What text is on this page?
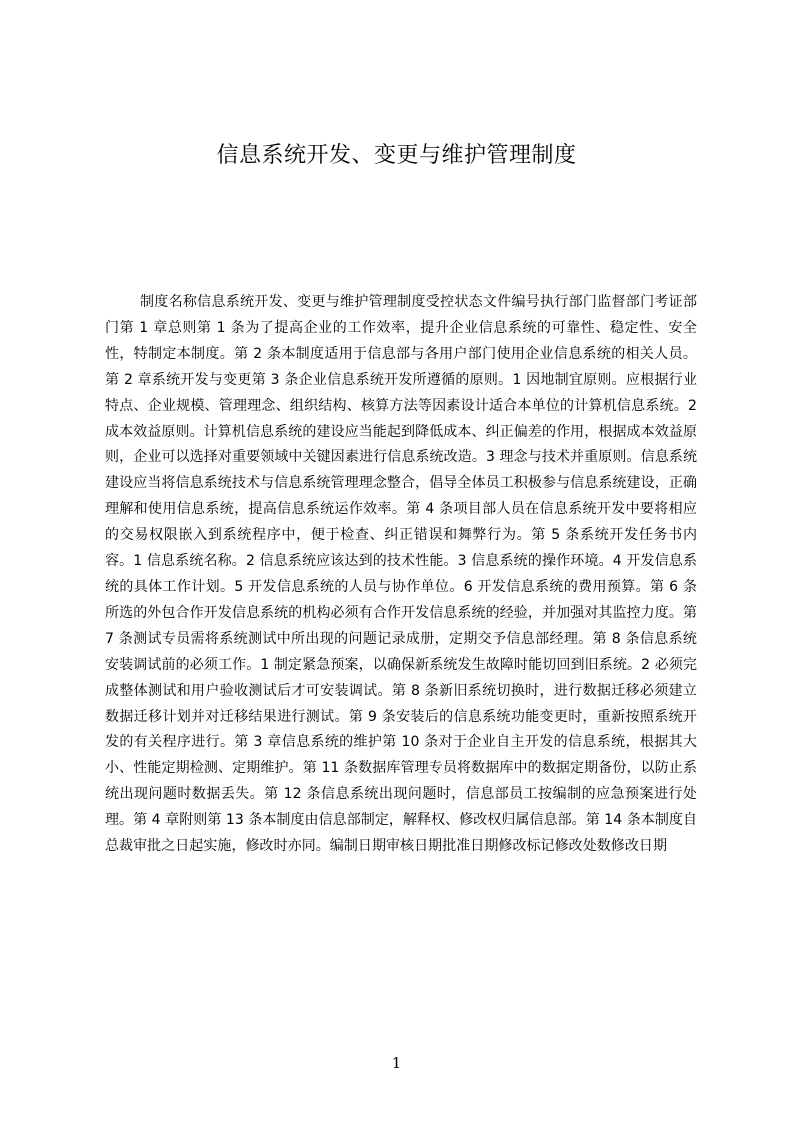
信息系统开发、变更与维护管理制度

制度名称信息系统开发、变更与维护管理制度受控状态文件编号执行部门监督部门考证部门第 1 章总则第 1 条为了提高企业的工作效率，提升企业信息系统的可靠性、稳定性、安全性，特制定本制度。第 2 条本制度适用于信息部与各用户部门使用企业信息系统的相关人员。第 2 章系统开发与变更第 3 条企业信息系统开发所遵循的原则。1 因地制宜原则。应根据行业特点、企业规模、管理理念、组织结构、核算方法等因素设计适合本单位的计算机信息系统。2 成本效益原则。计算机信息系统的建设应当能起到降低成本、纠正偏差的作用，根据成本效益原则，企业可以选择对重要领域中关键因素进行信息系统改造。3 理念与技术并重原则。信息系统建设应当将信息系统技术与信息系统管理理念整合，倡导全体员工积极参与信息系统建设，正确理解和使用信息系统，提高信息系统运作效率。第 4 条项目部人员在信息系统开发中要将相应的交易权限嵌入到系统程序中，便于检查、纠正错误和舞弊行为。第 5 条系统开发任务书内容。1 信息系统名称。2 信息系统应该达到的技术性能。3 信息系统的操作环境。4 开发信息系统的具体工作计划。5 开发信息系统的人员与协作单位。6 开发信息系统的费用预算。第 6 条所选的外包合作开发信息系统的机构必须有合作开发信息系统的经验，并加强对其监控力度。第 7 条测试专员需将系统测试中所出现的问题记录成册，定期交予信息部经理。第 8 条信息系统安装调试前的必须工作。1 制定紧急预案，以确保新系统发生故障时能切回到旧系统。2 必须完成整体测试和用户验收测试后才可安装调试。第 8 条新旧系统切换时，进行数据迁移必须建立数据迁移计划并对迁移结果进行测试。第 9 条安装后的信息系统功能变更时，重新按照系统开发的有关程序进行。第 3 章信息系统的维护第 10 条对于企业自主开发的信息系统，根据其大小、性能定期检测、定期维护。第 11 条数据库管理专员将数据库中的数据定期备份，以防止系统出现问题时数据丢失。第 12 条信息系统出现问题时，信息部员工按编制的应急预案进行处理。第 4 章附则第 13 条本制度由信息部制定，解释权、修改权归属信息部。第 14 条本制度自总裁审批之日起实施，修改时亦同。编制日期审核日期批准日期修改标记修改处数修改日期

1
